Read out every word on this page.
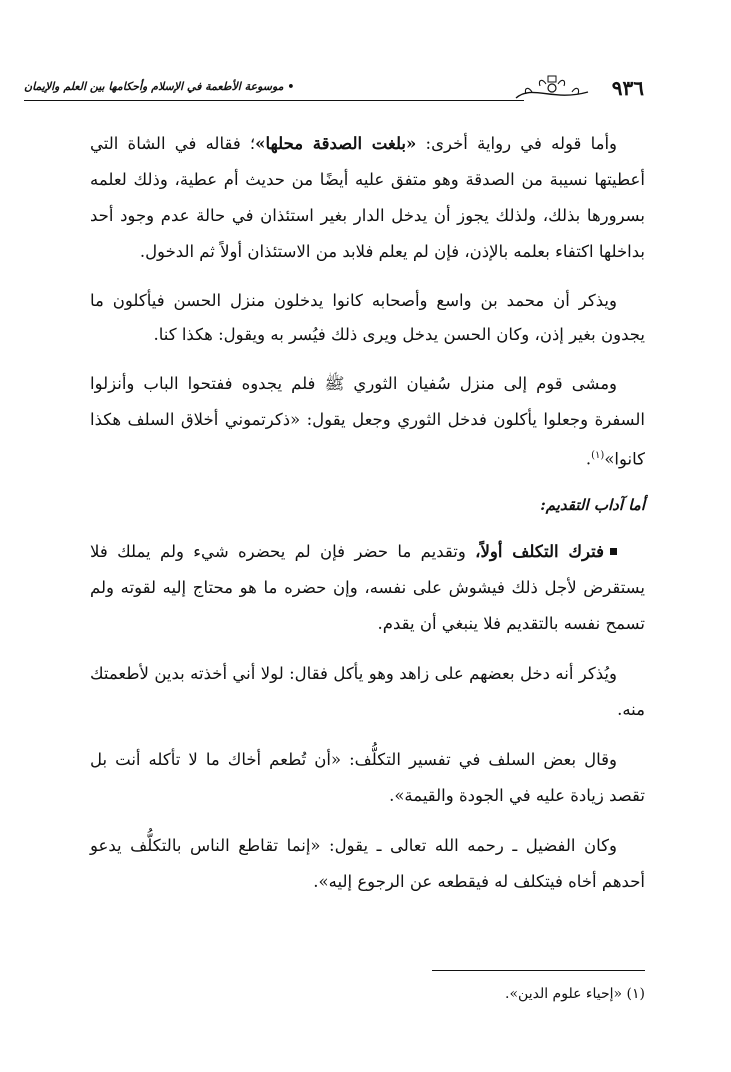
• موسوعة الأطعمة في الإسلام وأحكامها بين العلم والإيمان	٩٣٦

وأما قوله في رواية أخرى: «بلغت الصدقة محلها»؛ فقاله في الشاة التي أعطيتها نسيبة من الصدقة وهو متفق عليه أيضًا من حديث أم عطية، وذلك لعلمه بسرورها بذلك، ولذلك يجوز أن يدخل الدار بغير استئذان في حالة عدم وجود أحد بداخلها اكتفاء بعلمه بالإذن، فإن لم يعلم فلابد من الاستئذان أولاً ثم الدخول.

ويذكر أن محمد بن واسع وأصحابه كانوا يدخلون منزل الحسن فيأكلون ما يجدون بغير إذن، وكان الحسن يدخل ويرى ذلك فيُسر به ويقول: هكذا كنا.

ومشى قوم إلى منزل سُفيان الثوري ﷺ فلم يجدوه ففتحوا الباب وأنزلوا السفرة وجعلوا يأكلون فدخل الثوري وجعل يقول: «ذكرتموني أخلاق السلف هكذا كانوا»$^{(١)}$.

أما آداب التقديم:

فترك التكلف أولاً، وتقديم ما حضر فإن لم يحضره شيء ولم يملك فلا يستقرض لأجل ذلك فيشوش على نفسه، وإن حضره ما هو محتاج إليه لقوته ولم تسمح نفسه بالتقديم فلا ينبغي أن يقدم.

ويُذكر أنه دخل بعضهم على زاهد وهو يأكل فقال: لولا أني أخذته بدين لأطعمتك منه.

وقال بعض السلف في تفسير التكلُّف: «أن تُطعم أخاك ما لا تأكله أنت بل تقصد زيادة عليه في الجودة والقيمة».

وكان الفضيل ـ رحمه الله تعالى ـ يقول: «إنما تقاطع الناس بالتكلُّف يدعو أحدهم أخاه فيتكلف له فيقطعه عن الرجوع إليه».

(١) «إحياء علوم الدين».
